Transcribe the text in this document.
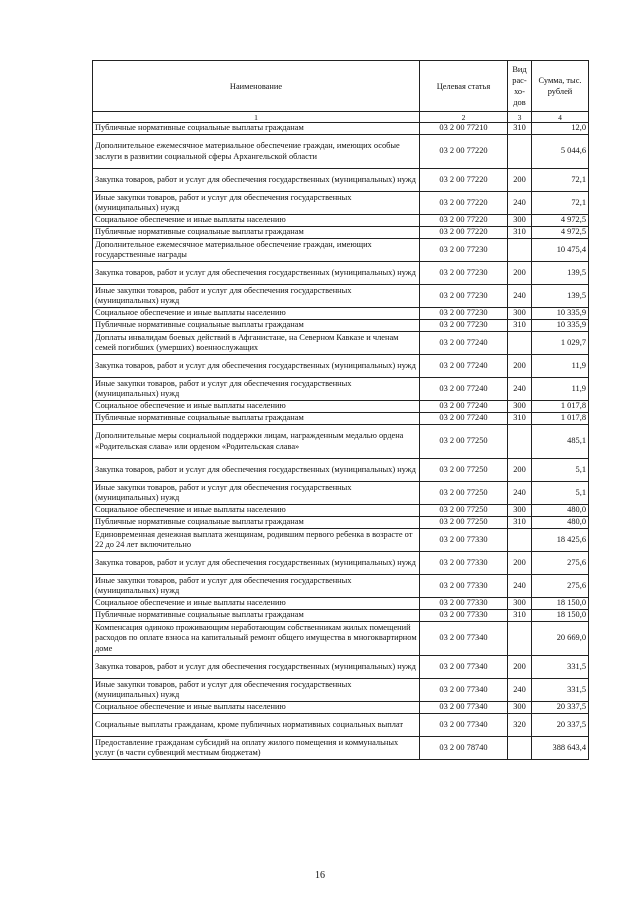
Наименование	Целевая статья	Вид рас-хо-дов	Сумма, тыс. рублей
1	2	3	4
Публичные нормативные социальные выплаты гражданам	03 2 00 77210	310	12,0
Дополнительное ежемесячное материальное обеспечение граждан, имеющих особые заслуги в развитии социальной сферы Архангельской области	03 2 00 77220		5 044,6
Закупка товаров, работ и услуг для обеспечения государственных (муниципальных) нужд	03 2 00 77220	200	72,1
Иные закупки товаров, работ и услуг для обеспечения государственных (муниципальных) нужд	03 2 00 77220	240	72,1
Социальное обеспечение и иные выплаты населению	03 2 00 77220	300	4 972,5
Публичные нормативные социальные выплаты гражданам	03 2 00 77220	310	4 972,5
Дополнительное ежемесячное материальное обеспечение граждан, имеющих государственные награды	03 2 00 77230		10 475,4
Закупка товаров, работ и услуг для обеспечения государственных (муниципальных) нужд	03 2 00 77230	200	139,5
Иные закупки товаров, работ и услуг для обеспечения государственных (муниципальных) нужд	03 2 00 77230	240	139,5
Социальное обеспечение и иные выплаты населению	03 2 00 77230	300	10 335,9
Публичные нормативные социальные выплаты гражданам	03 2 00 77230	310	10 335,9
Доплаты инвалидам боевых действий в Афганистане, на Северном Кавказе и членам семей погибших (умерших) военнослужащих	03 2 00 77240		1 029,7
Закупка товаров, работ и услуг для обеспечения государственных (муниципальных) нужд	03 2 00 77240	200	11,9
Иные закупки товаров, работ и услуг для обеспечения государственных (муниципальных) нужд	03 2 00 77240	240	11,9
Социальное обеспечение и иные выплаты населению	03 2 00 77240	300	1 017,8
Публичные нормативные социальные выплаты гражданам	03 2 00 77240	310	1 017,8
Дополнительные меры социальной поддержки лицам, награжденным медалью ордена «Родительская слава» или орденом «Родительская слава»	03 2 00 77250		485,1
Закупка товаров, работ и услуг для обеспечения государственных (муниципальных) нужд	03 2 00 77250	200	5,1
Иные закупки товаров, работ и услуг для обеспечения государственных (муниципальных) нужд	03 2 00 77250	240	5,1
Социальное обеспечение и иные выплаты населению	03 2 00 77250	300	480,0
Публичные нормативные социальные выплаты гражданам	03 2 00 77250	310	480,0
Единовременная денежная выплата женщинам, родившим первого ребенка в возрасте от 22 до 24 лет включительно	03 2 00 77330		18 425,6
Закупка товаров, работ и услуг для обеспечения государственных (муниципальных) нужд	03 2 00 77330	200	275,6
Иные закупки товаров, работ и услуг для обеспечения государственных (муниципальных) нужд	03 2 00 77330	240	275,6
Социальное обеспечение и иные выплаты населению	03 2 00 77330	300	18 150,0
Публичные нормативные социальные выплаты гражданам	03 2 00 77330	310	18 150,0
Компенсация одиноко проживающим неработающим собственникам жилых помещений расходов по оплате взноса на капитальный ремонт общего имущества в многоквартирном доме	03 2 00 77340		20 669,0
Закупка товаров, работ и услуг для обеспечения государственных (муниципальных) нужд	03 2 00 77340	200	331,5
Иные закупки товаров, работ и услуг для обеспечения государственных (муниципальных) нужд	03 2 00 77340	240	331,5
Социальное обеспечение и иные выплаты населению	03 2 00 77340	300	20 337,5
Социальные выплаты гражданам, кроме публичных нормативных социальных выплат	03 2 00 77340	320	20 337,5
Предоставление гражданам субсидий на оплату жилого помещения и коммунальных услуг (в части субвенций местным бюджетам)	03 2 00 78740		388 643,4
16
